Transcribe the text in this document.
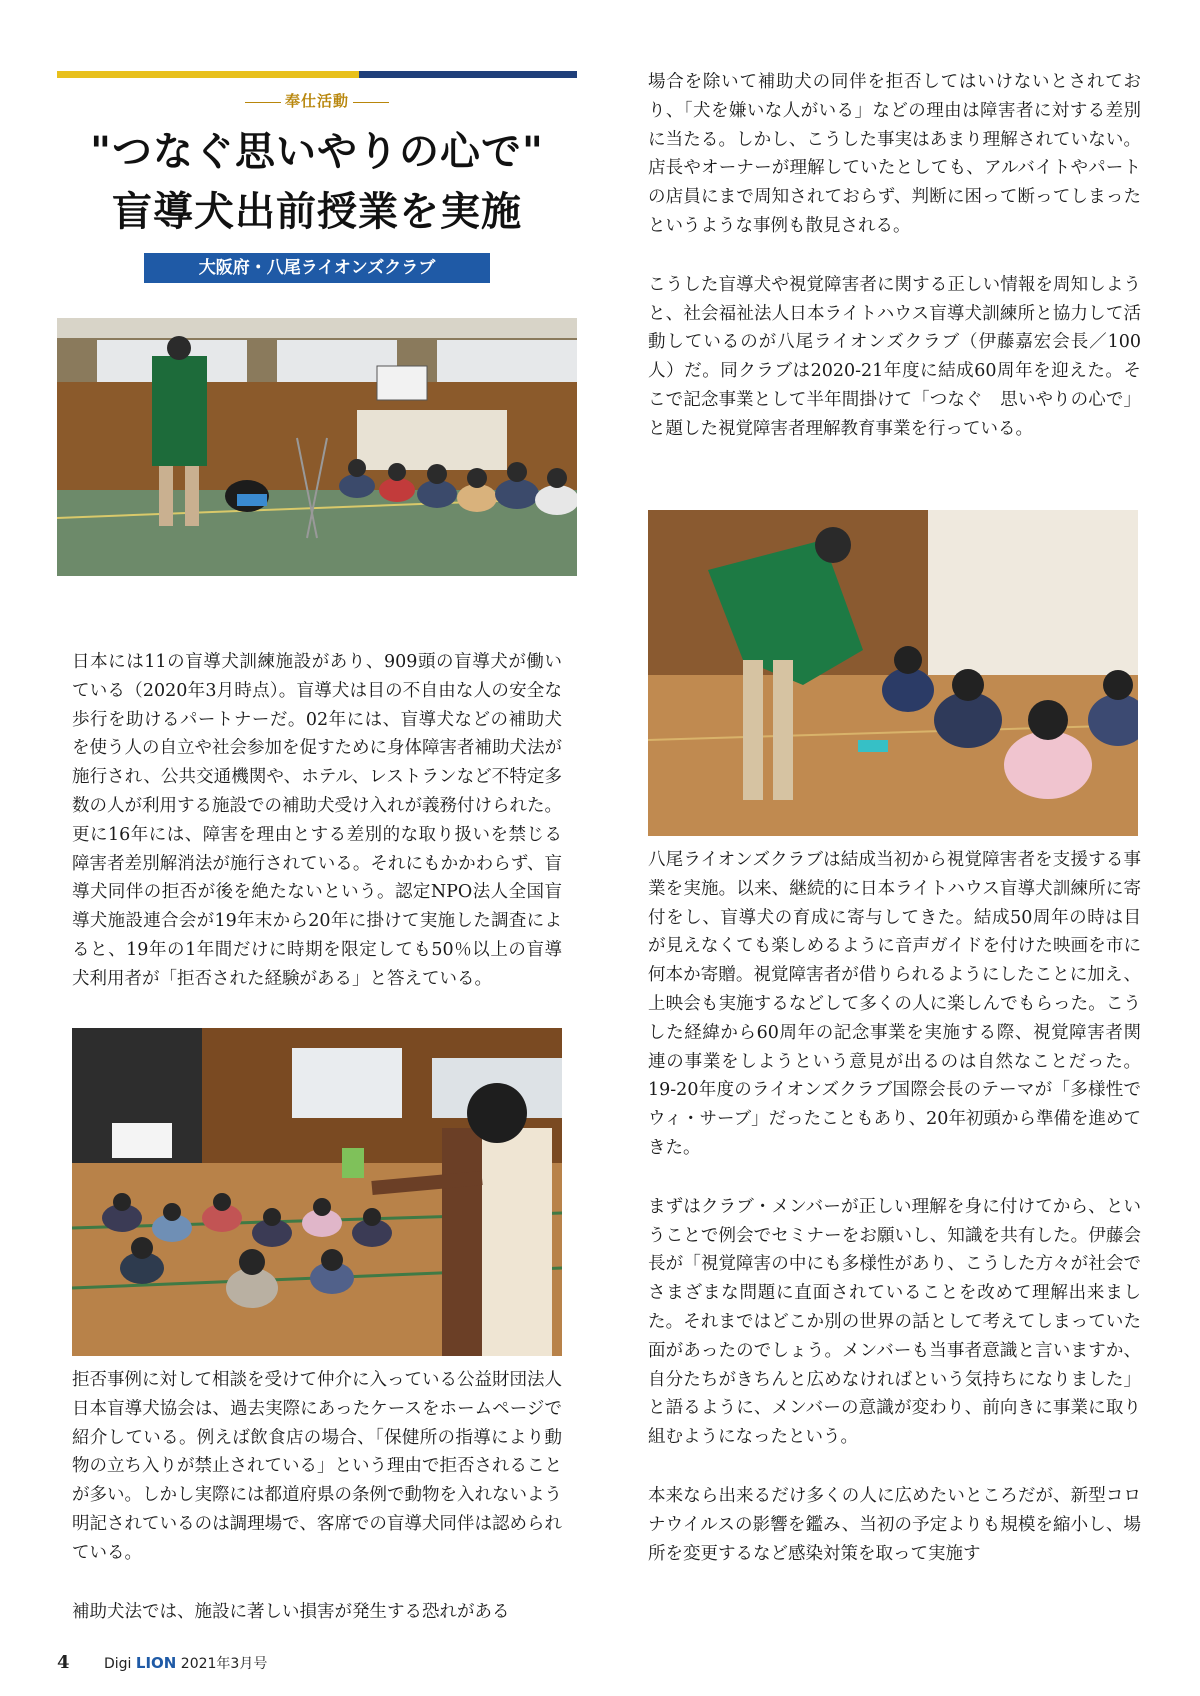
奉仕活動
"つなぐ思いやりの心で"
盲導犬出前授業を実施
大阪府・八尾ライオンズクラブ

日本には11の盲導犬訓練施設があり、909頭の盲導犬が働いている（2020年3月時点）。盲導犬は目の不自由な人の安全な歩行を助けるパートナーだ。02年には、盲導犬などの補助犬を使う人の自立や社会参加を促すために身体障害者補助犬法が施行され、公共交通機関や、ホテル、レストランなど不特定多数の人が利用する施設での補助犬受け入れが義務付けられた。更に16年には、障害を理由とする差別的な取り扱いを禁じる障害者差別解消法が施行されている。それにもかかわらず、盲導犬同伴の拒否が後を絶たないという。認定NPO法人全国盲導犬施設連合会が19年末から20年に掛けて実施した調査によると、19年の1年間だけに時期を限定しても50％以上の盲導犬利用者が「拒否された経験がある」と答えている。

拒否事例に対して相談を受けて仲介に入っている公益財団法人日本盲導犬協会は、過去実際にあったケースをホームページで紹介している。例えば飲食店の場合、「保健所の指導により動物の立ち入りが禁止されている」という理由で拒否されることが多い。しかし実際には都道府県の条例で動物を入れないよう明記されているのは調理場で、客席での盲導犬同伴は認められている。

補助犬法では、施設に著しい損害が発生する恐れがある

場合を除いて補助犬の同伴を拒否してはいけないとされており、「犬を嫌いな人がいる」などの理由は障害者に対する差別に当たる。しかし、こうした事実はあまり理解されていない。店長やオーナーが理解していたとしても、アルバイトやパートの店員にまで周知されておらず、判断に困って断ってしまったというような事例も散見される。

こうした盲導犬や視覚障害者に関する正しい情報を周知しようと、社会福祉法人日本ライトハウス盲導犬訓練所と協力して活動しているのが八尾ライオンズクラブ（伊藤嘉宏会長／100人）だ。同クラブは2020-21年度に結成60周年を迎えた。そこで記念事業として半年間掛けて「つなぐ　思いやりの心で」と題した視覚障害者理解教育事業を行っている。

八尾ライオンズクラブは結成当初から視覚障害者を支援する事業を実施。以来、継続的に日本ライトハウス盲導犬訓練所に寄付をし、盲導犬の育成に寄与してきた。結成50周年の時は目が見えなくても楽しめるように音声ガイドを付けた映画を市に何本か寄贈。視覚障害者が借りられるようにしたことに加え、上映会も実施するなどして多くの人に楽しんでもらった。こうした経緯から60周年の記念事業を実施する際、視覚障害者関連の事業をしようという意見が出るのは自然なことだった。19-20年度のライオンズクラブ国際会長のテーマが「多様性でウィ・サーブ」だったこともあり、20年初頭から準備を進めてきた。

まずはクラブ・メンバーが正しい理解を身に付けてから、ということで例会でセミナーをお願いし、知識を共有した。伊藤会長が「視覚障害の中にも多様性があり、こうした方々が社会でさまざまな問題に直面されていることを改めて理解出来ました。それまではどこか別の世界の話として考えてしまっていた面があったのでしょう。メンバーも当事者意識と言いますか、自分たちがきちんと広めなければという気持ちになりました」と語るように、メンバーの意識が変わり、前向きに事業に取り組むようになったという。

本来なら出来るだけ多くの人に広めたいところだが、新型コロナウイルスの影響を鑑み、当初の予定よりも規模を縮小し、場所を変更するなど感染対策を取って実施す

4 Digi LION 2021年3月号
